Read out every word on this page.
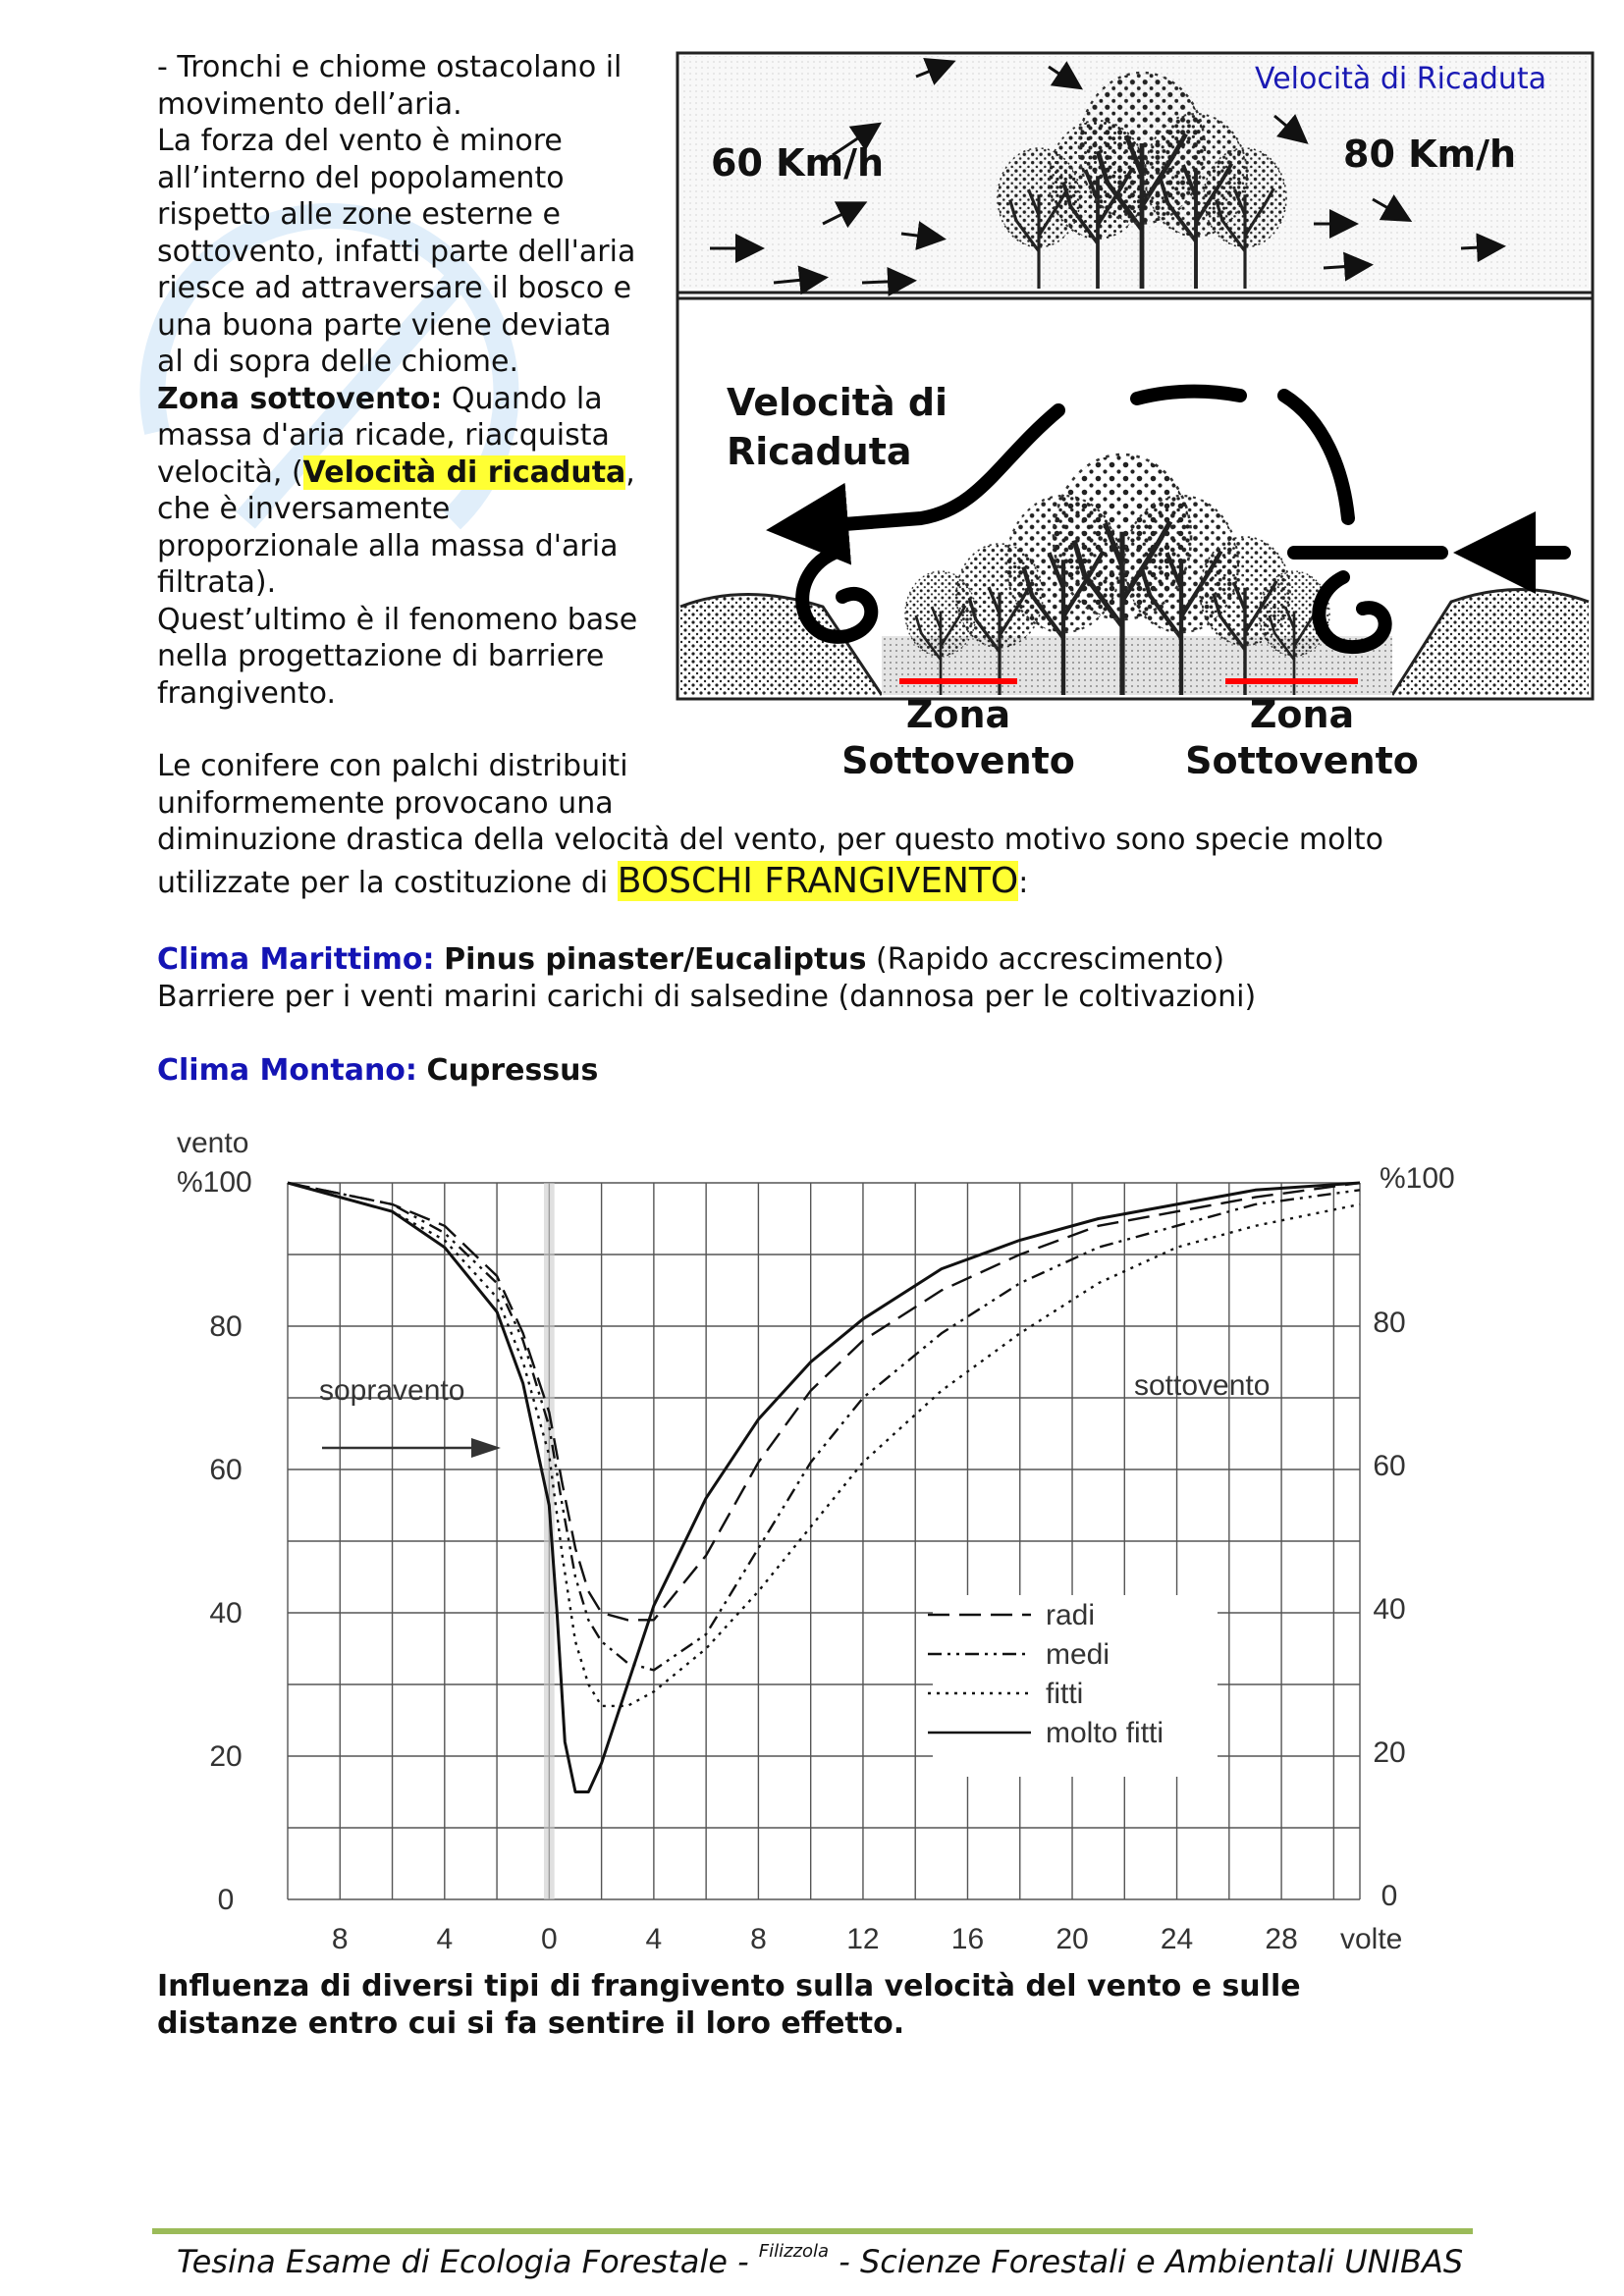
- Tronchi e chiome ostacolano il
movimento dell’aria.
La forza del vento è minore
all’interno del popolamento
rispetto alle zone esterne e
sottovento, infatti parte dell'aria
riesce ad attraversare il bosco e
una buona parte viene deviata
al di sopra delle chiome.
Zona sottovento: Quando la
massa d'aria ricade, riacquista
velocità, (Velocità di ricaduta,
che è inversamente
proporzionale alla massa d'aria
filtrata).
Quest’ultimo è il fenomeno base
nella progettazione di barriere
frangivento.
Velocità di Ricaduta
60 Km/h	80 Km/h
Velocità di
Ricaduta
Zona
Sottovento
Zona
Sottovento
Le conifere con palchi distribuiti
uniformemente provocano una
diminuzione drastica della velocità del vento, per questo motivo sono specie molto
utilizzate per la costituzione di BOSCHI FRANGIVENTO:
Clima Marittimo: Pinus pinaster/Eucaliptus (Rapido accrescimento)
Barriere per i venti marini carichi di salsedine (dannosa per le coltivazioni)
Clima Montano: Cupressus
vento
%100	%100
80
60
40
20
0
80
60
40
20
0
8	4	0	4	8	12 16 20 24 28 volte
sopravento	sottovento
radi
medi
fitti
molto fitti
Influenza di diversi tipi di frangivento sulla velocità del vento e sulle
distanze entro cui si fa sentire il loro effetto.
Tesina Esame di Ecologia Forestale - $^{Filizzola}$ - Scienze Forestali e Ambientali UNIBAS
